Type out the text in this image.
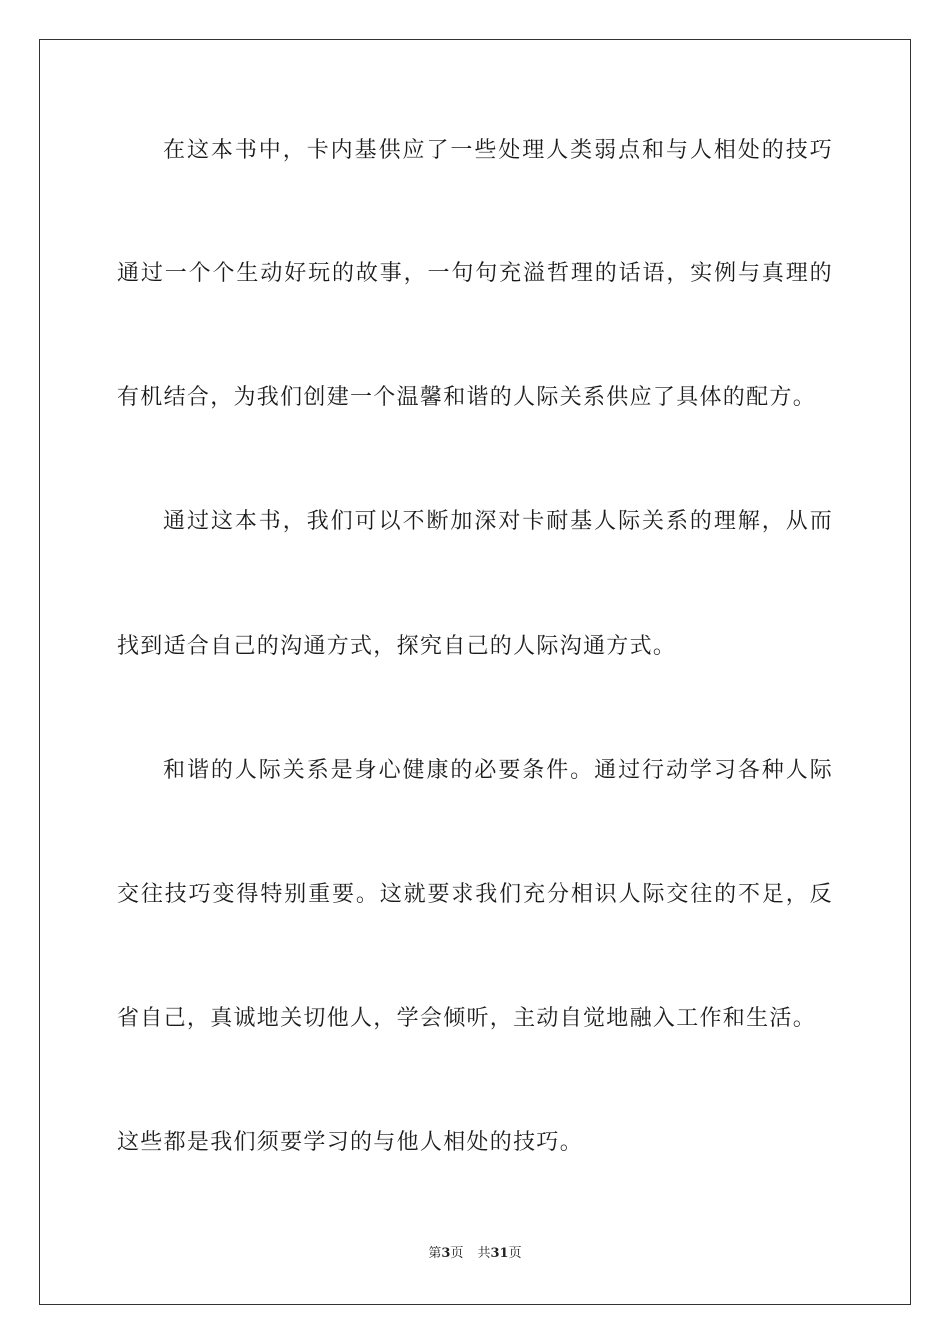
在这本书中，卡内基供应了一些处理人类弱点和与人相处的技巧
通过一个个生动好玩的故事，一句句充溢哲理的话语，实例与真理的
有机结合，为我们创建一个温馨和谐的人际关系供应了具体的配方。
通过这本书，我们可以不断加深对卡耐基人际关系的理解，从而
找到适合自己的沟通方式，探究自己的人际沟通方式。
和谐的人际关系是身心健康的必要条件。通过行动学习各种人际
交往技巧变得特别重要。这就要求我们充分相识人际交往的不足，反
省自己，真诚地关切他人，学会倾听，主动自觉地融入工作和生活。
这些都是我们须要学习的与他人相处的技巧。
第3页 共31页
